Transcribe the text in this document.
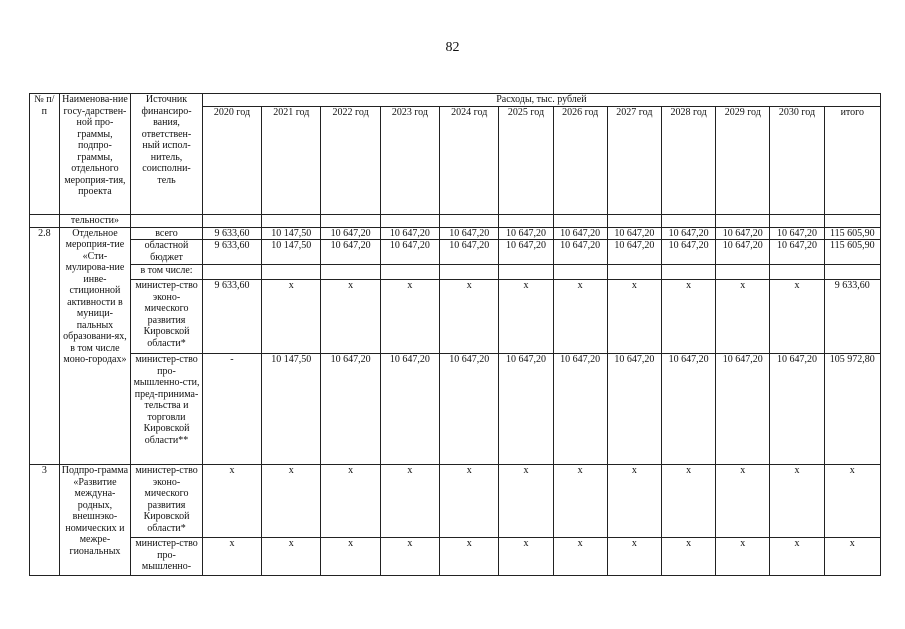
82
№ п/п	Наименова-ние госу-дарствен-ной про-граммы, подпро-граммы, отдельного мероприя-тия, проекта	Источник финансиро-вания, ответствен-ный испол-нитель, соисполни-тель	Расходы, тыс. рублей											
			2020 год	2021 год	2022 год	2023 год	2024 год	2025 год	2026 год	2027 год	2028 год	2029 год	2030 год	итого
	тельности»													
2.8	Отдельное мероприя-тие «Сти-мулирова-ние инве-стиционной активности в муници-пальных образовани-ях, в том числе моно-городах»	всего	9 633,60	10 147,50	10 647,20	10 647,20	10 647,20	10 647,20	10 647,20	10 647,20	10 647,20	10 647,20	10 647,20	115 605,90
		областной бюджет	9 633,60	10 147,50	10 647,20	10 647,20	10 647,20	10 647,20	10 647,20	10 647,20	10 647,20	10 647,20	10 647,20	115 605,90
		в том числе:												
		министер-ство эконо-мического развития Кировской области*	9 633,60	х	х	х	х	х	х	х	х	х	х	9 633,60
		министер-ство про-мышленно-сти, пред-принима-тельства и торговли Кировской области**	-	10 147,50	10 647,20	10 647,20	10 647,20	10 647,20	10 647,20	10 647,20	10 647,20	10 647,20	10 647,20	105 972,80
3	Подпро-грамма «Развитие междуна-родных, внешнэко-номических и межре-гиональных	министер-ство эконо-мического развития Кировской области*	х	х	х	х	х	х	х	х	х	х	х	х
		министер-ство про-мышленно-	х	х	х	х	х	х	х	х	х	х	х	х
